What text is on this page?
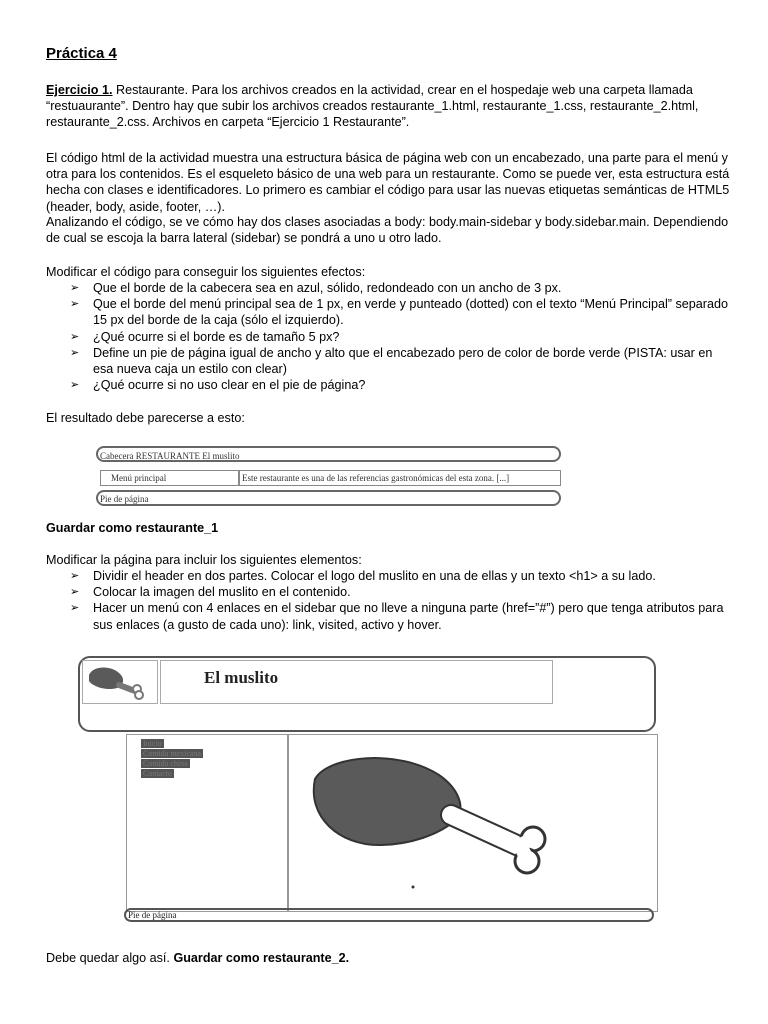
Práctica 4

Ejercicio 1. Restaurante. Para los archivos creados en la actividad, crear en el hospedaje web una carpeta llamada “restuaurante”. Dentro hay que subir los archivos creados restaurante_1.html, restaurante_1.css, restaurante_2.html, restaurante_2.css. Archivos en carpeta “Ejercicio 1 Restaurante”.

El código html de la actividad muestra una estructura básica de página web con un encabezado, una parte para el menú y otra para los contenidos. Es el esqueleto básico de una web para un restaurante. Como se puede ver, esta estructura está hecha con clases e identificadores. Lo primero es cambiar el código para usar las nuevas etiquetas semánticas de HTML5 (header, body, aside, footer, …).

Analizando el código, se ve cómo hay dos clases asociadas a body: body.main-sidebar y body.sidebar.main. Dependiendo de cual se escoja la barra lateral (sidebar) se pondrá a uno u otro lado.

Modificar el código para conseguir los siguientes efectos:

➢ Que el borde de la cabecera sea en azul, sólido, redondeado con un ancho de 3 px.
➢ Que el borde del menú principal sea de 1 px, en verde y punteado (dotted) con el texto “Menú Principal” separado 15 px del borde de la caja (sólo el izquierdo).
➢ ¿Qué ocurre si el borde es de tamaño 5 px?
➢ Define un pie de página igual de ancho y alto que el encabezado pero de color de borde verde (PISTA: usar en esa nueva caja un estilo con clear)
➢ ¿Qué ocurre si no uso clear en el pie de página?

El resultado debe parecerse a esto:

Guardar como restaurante_1

Modificar la página para incluir los siguientes elementos:

➢ Dividir el header en dos partes. Colocar el logo del muslito en una de ellas y un texto <h1> a su lado.
➢ Colocar la imagen del muslito en el contenido.
➢ Hacer un menú con 4 enlaces en el sidebar que no lleve a ninguna parte (href=”#”) pero que tenga atributos para sus enlaces (a gusto de cada uno): link, visited, activo y hover.

Debe quedar algo así. Guardar como restaurante_2.

Cabecera RESTAURANTE El muslito
Menú principal	Este restaurante es una de las referencias gastronómicas del esta zona. [...]
Pie de página
El muslito
Inicio
Comida mexicana
Comida china
Contacto
Pie de página
